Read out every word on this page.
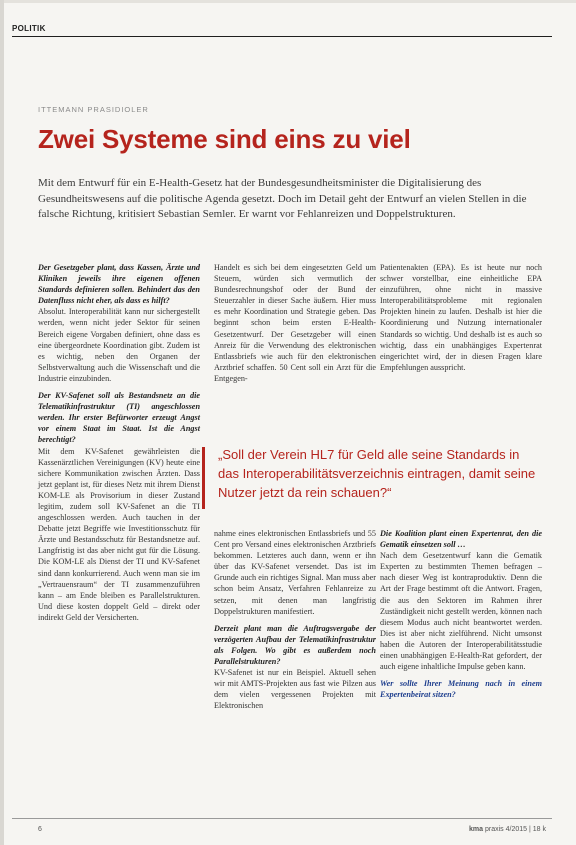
POLITIK
ITTEMANN PRASIDIOLER
Zwei Systeme sind eins zu viel
Mit dem Entwurf für ein E-Health-Gesetz hat der Bundesgesundheitsminister die Digitalisierung des Gesundheitswesens auf die politische Agenda gesetzt. Doch im Detail geht der Entwurf an vielen Stellen in die falsche Richtung, kritisiert Sebastian Semler. Er warnt vor Fehlanreizen und Doppelstrukturen.

Der Gesetzgeber plant, dass Kassen, Ärzte und Kliniken jeweils ihre eigenen offenen Standards definieren sollen. Behindert das den Datenfluss nicht eher, als dass es hilft?
Absolut. Interoperabilität kann nur sichergestellt werden, wenn nicht jeder Sektor für seinen Bereich eigene Vorgaben definiert, ohne dass es eine übergeordnete Koordination gibt. Zudem ist es wichtig, neben den Organen der Selbstverwaltung auch die Wissenschaft und die Industrie einzubinden.

Der KV-Safenet soll als Bestandsnetz an die Telematikinfrastruktur (TI) angeschlossen werden. Ihr erster Befürworter erzeugt Angst vor einem Staat im Staat. Ist die Angst berechtigt?
Mit dem KV-Safenet gewährleisten die Kassenärztlichen Vereinigungen (KV) heute eine sichere Kommunikation zwischen Ärzten. Dass jetzt geplant ist, für dieses Netz mit ihrem Dienst KOM-LE als Provisorium in dieser Zustand legitim, zudem soll KV-Safenet an die TI angeschlossen werden. Auch tauchen in der Debatte jetzt Begriffe wie Investitionsschutz für Ärzte und Bestandsschutz für Bestandsnetze auf. Langfristig ist das aber nicht gut für die Lösung. Die KOM-LE als Dienst der TI und KV-Safenet sind dann konkurrierend. Auch wenn man sie im „Vertrauensraum“ der TI zusammenzuführen kann – am Ende bleiben es Parallelstrukturen. Und diese kosten doppelt Geld – direkt oder indirekt Geld der Versicherten.

Handelt es sich bei dem eingesetzten Geld um Steuern, würden sich vermutlich der Bundesrechnungshof oder der Bund der Steuerzahler in dieser Sache äußern. Hier muss es mehr Koordination und Strategie geben. Das beginnt schon beim ersten E-Health-Gesetzentwurf. Der Gesetzgeber will einen Anreiz für die Verwendung des elektronischen Entlassbriefs wie auch für den elektronischen Arztbrief schaffen. 50 Cent soll ein Arzt für die Entgegen-

Patientenakten (EPA). Es ist heute nur noch schwer vorstellbar, eine einheitliche EPA einzuführen, ohne nicht in massive Interoperabilitätsprobleme mit regionalen Projekten hinein zu laufen. Deshalb ist hier die Koordinierung und Nutzung internationaler Standards so wichtig. Und deshalb ist es auch so wichtig, dass ein unabhängiges Expertenrat eingerichtet wird, der in diesen Fragen klare Empfehlungen ausspricht.

„Soll der Verein HL7 für Geld alle seine Standards in das Interoperabilitätsverzeichnis eintragen, damit seine Nutzer jetzt da rein schauen?“

nahme eines elektronischen Entlassbriefs und 55 Cent pro Versand eines elektronischen Arztbriefs bekommen. Letzteres auch dann, wenn er ihn über das KV-Safenet versendet. Das ist im Grunde auch ein richtiges Signal. Man muss aber schon beim Ansatz, Verfahren Fehlanreize zu setzen, mit denen man langfristig Doppelstrukturen manifestiert.

Derzeit plant man die Auftragsvergabe der verzögerten Aufbau der Telematikinfrastruktur als Folgen. Wo gibt es außerdem noch Parallelstrukturen?
KV-Safenet ist nur ein Beispiel. Aktuell sehen wir mit AMTS-Projekten aus fast wie Pilzen aus dem vielen vergessenen Projekten mit Elektronischen

Die Koalition plant einen Expertenrat, den die Gematik einsetzen soll …
Nach dem Gesetzentwurf kann die Gematik Experten zu bestimmten Themen befragen – nach dieser Weg ist kontraproduktiv. Denn die Art der Frage bestimmt oft die Antwort. Fragen, die aus den Sektoren im Rahmen ihrer Zuständigkeit nicht gestellt werden, können nach diesem Modus auch nicht beantwortet werden. Dies ist aber nicht zielführend. Nicht umsonst haben die Autoren der Interoperabilitätsstudie einen unabhängigen E-Health-Rat gefordert, der auch eigene inhaltliche Impulse geben kann.

Wer sollte Ihrer Meinung nach in einem Expertenbeirat sitzen?

6	kma praxis 4/2015 | 18 k
